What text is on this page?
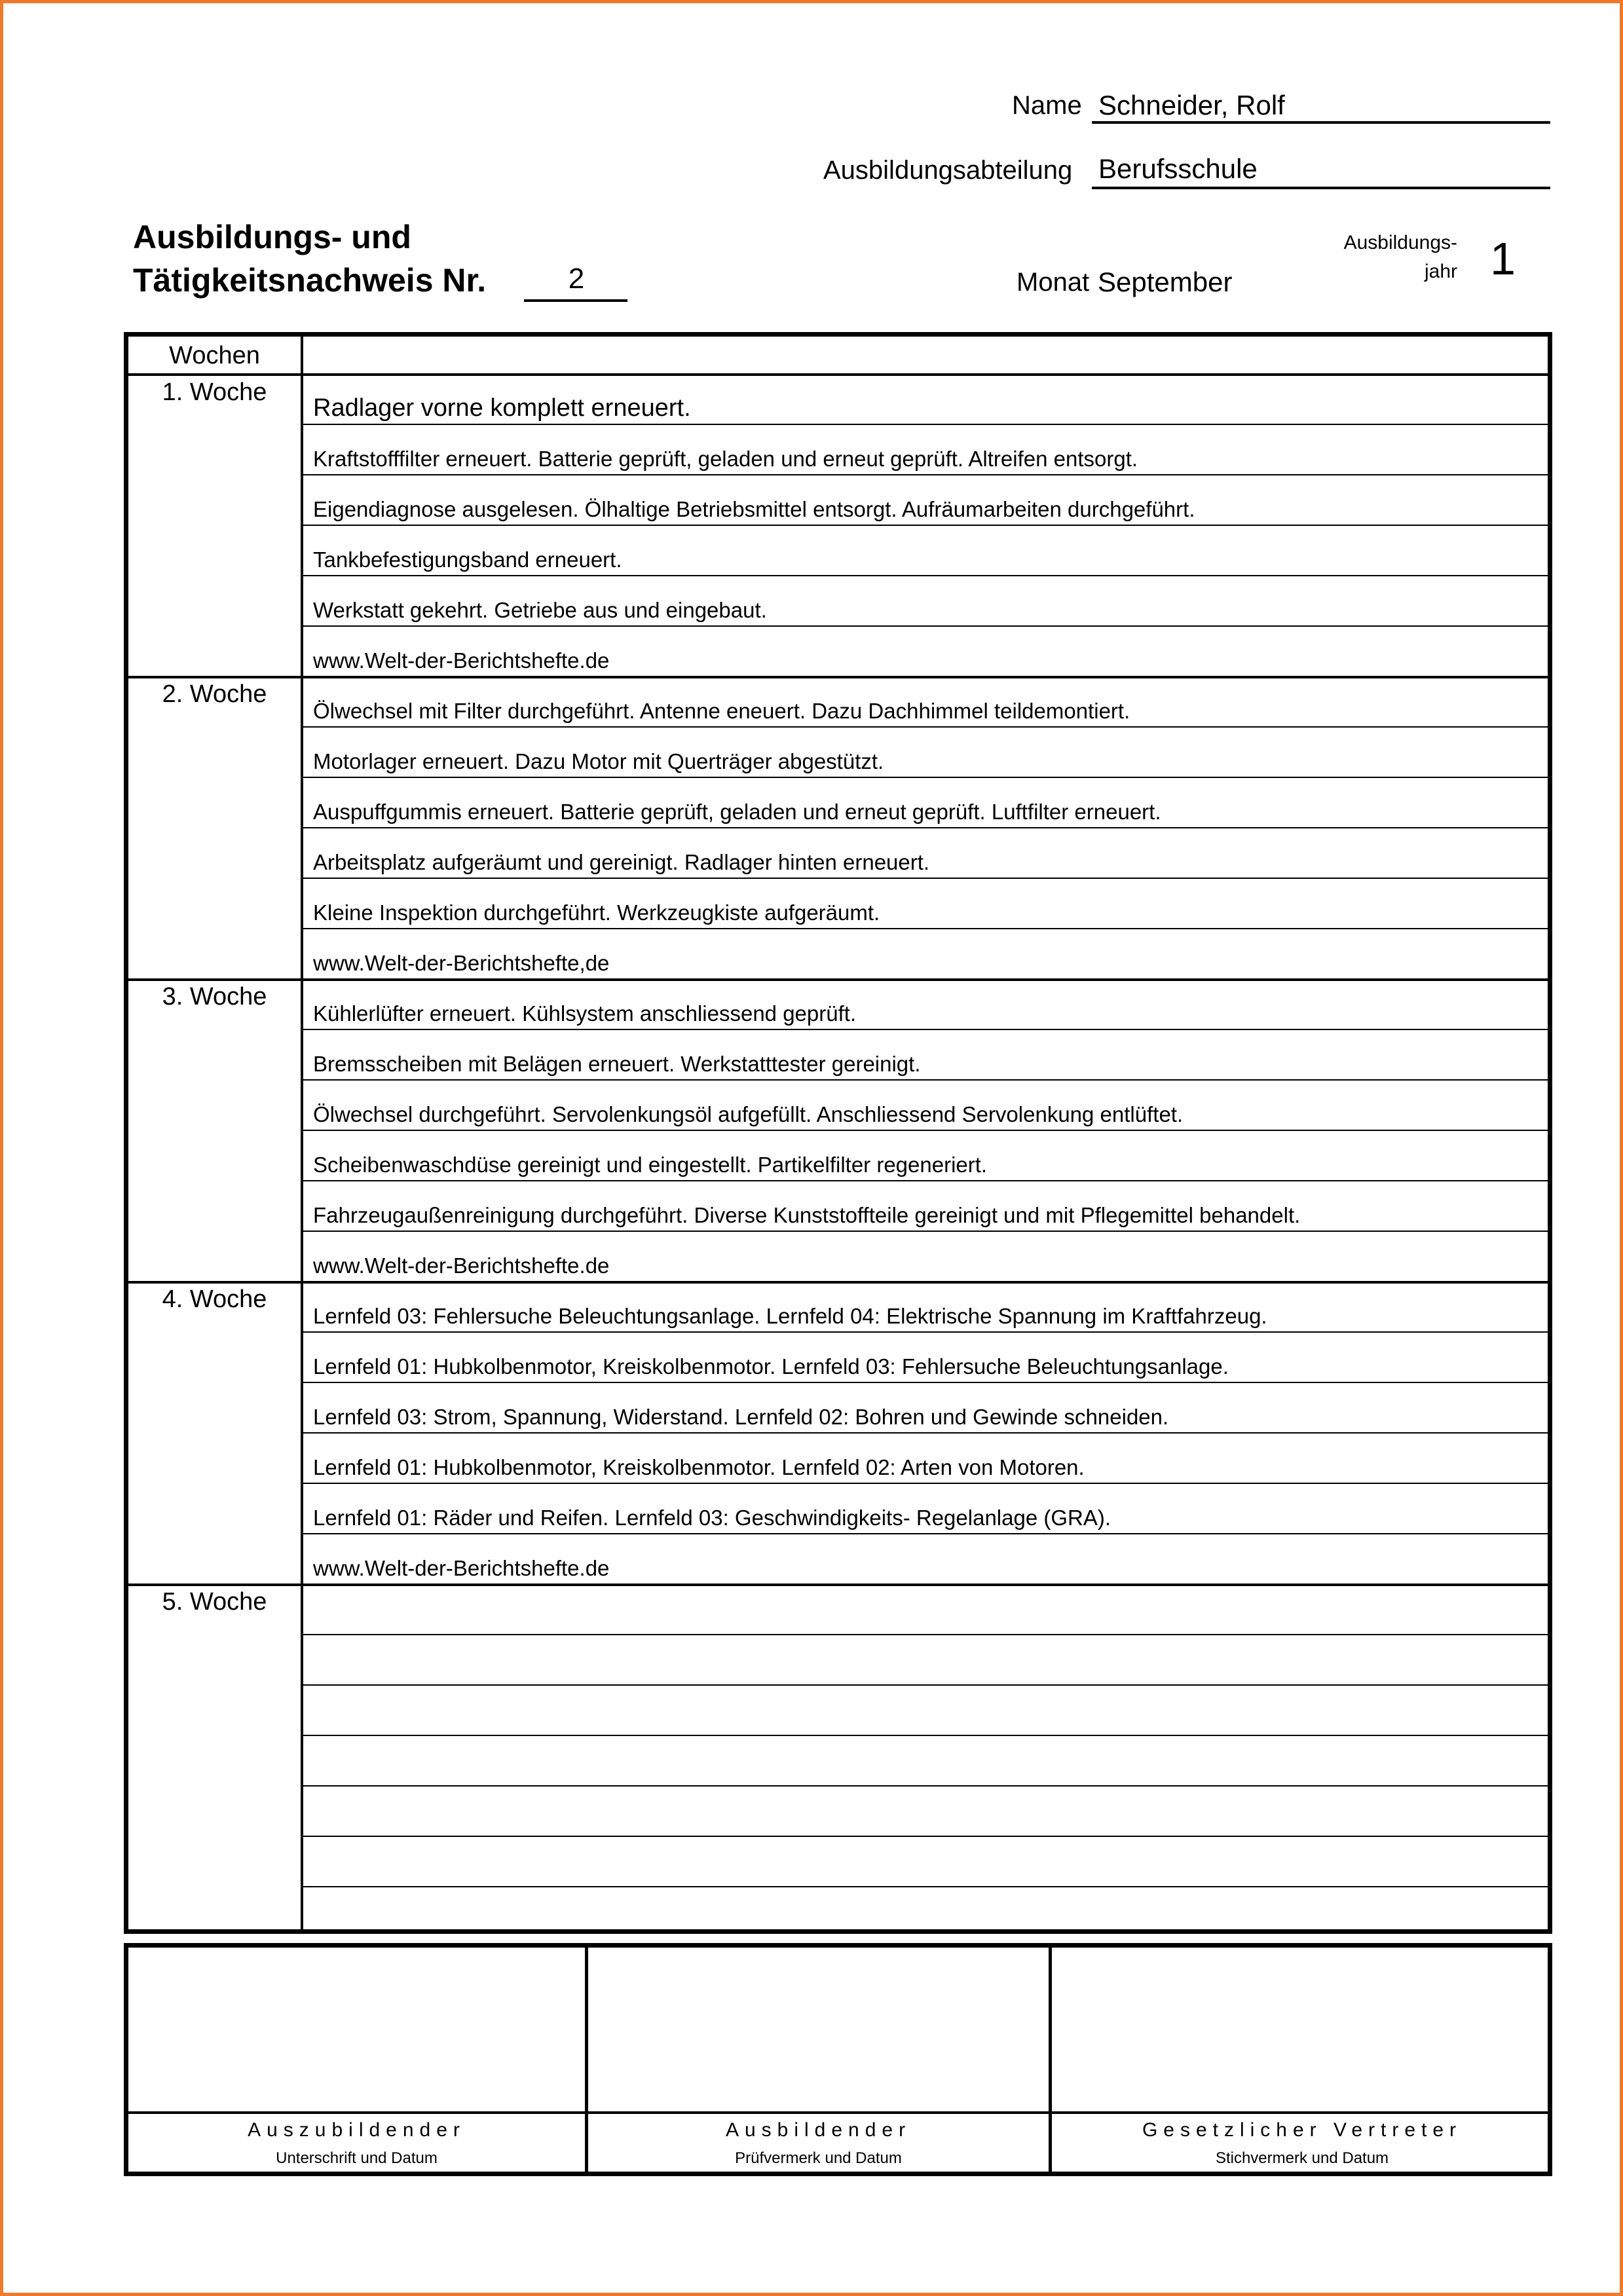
Name Schneider, Rolf
Ausbildungsabteilung Berufsschule
Ausbildungs- und
Tätigkeitsnachweis Nr.	2	Monat September
Ausbildungs-
jahr 1
Wochen
1. Woche
Radlager vorne komplett erneuert.
Kraftstofffilter erneuert. Batterie geprüft, geladen und erneut geprüft. Altreifen entsorgt.
Eigendiagnose ausgelesen. Ölhaltige Betriebsmittel entsorgt. Aufräumarbeiten durchgeführt.
Tankbefestigungsband erneuert.
Werkstatt gekehrt. Getriebe aus und eingebaut.
www.Welt-der-Berichtshefte.de
2. Woche
Ölwechsel mit Filter durchgeführt. Antenne eneuert. Dazu Dachhimmel teildemontiert.
Motorlager erneuert. Dazu Motor mit Querträger abgestützt.
Auspuffgummis erneuert. Batterie geprüft, geladen und erneut geprüft. Luftfilter erneuert.
Arbeitsplatz aufgeräumt und gereinigt. Radlager hinten erneuert.
Kleine Inspektion durchgeführt. Werkzeugkiste aufgeräumt.
www.Welt-der-Berichtshefte,de
3. Woche
Kühlerlüfter erneuert. Kühlsystem anschliessend geprüft.
Bremsscheiben mit Belägen erneuert. Werkstatttester gereinigt.
Ölwechsel durchgeführt. Servolenkungsöl aufgefüllt. Anschliessend Servolenkung entlüftet.
Scheibenwaschdüse gereinigt und eingestellt. Partikelfilter regeneriert.
Fahrzeugaußenreinigung durchgeführt. Diverse Kunststoffteile gereinigt und mit Pflegemittel behandelt.
www.Welt-der-Berichtshefte.de
4. Woche
Lernfeld 03: Fehlersuche Beleuchtungsanlage. Lernfeld 04: Elektrische Spannung im Kraftfahrzeug.
Lernfeld 01: Hubkolbenmotor, Kreiskolbenmotor. Lernfeld 03: Fehlersuche Beleuchtungsanlage.
Lernfeld 03: Strom, Spannung, Widerstand. Lernfeld 02: Bohren und Gewinde schneiden.
Lernfeld 01: Hubkolbenmotor, Kreiskolbenmotor. Lernfeld 02: Arten von Motoren.
Lernfeld 01: Räder und Reifen. Lernfeld 03: Geschwindigkeits- Regelanlage (GRA).
www.Welt-der-Berichtshefte.de
5. Woche
Auszubildender
Unterschrift und Datum
Ausbildender
Prüfvermerk und Datum
Gesetzlicher Vertreter
Stichvermerk und Datum
